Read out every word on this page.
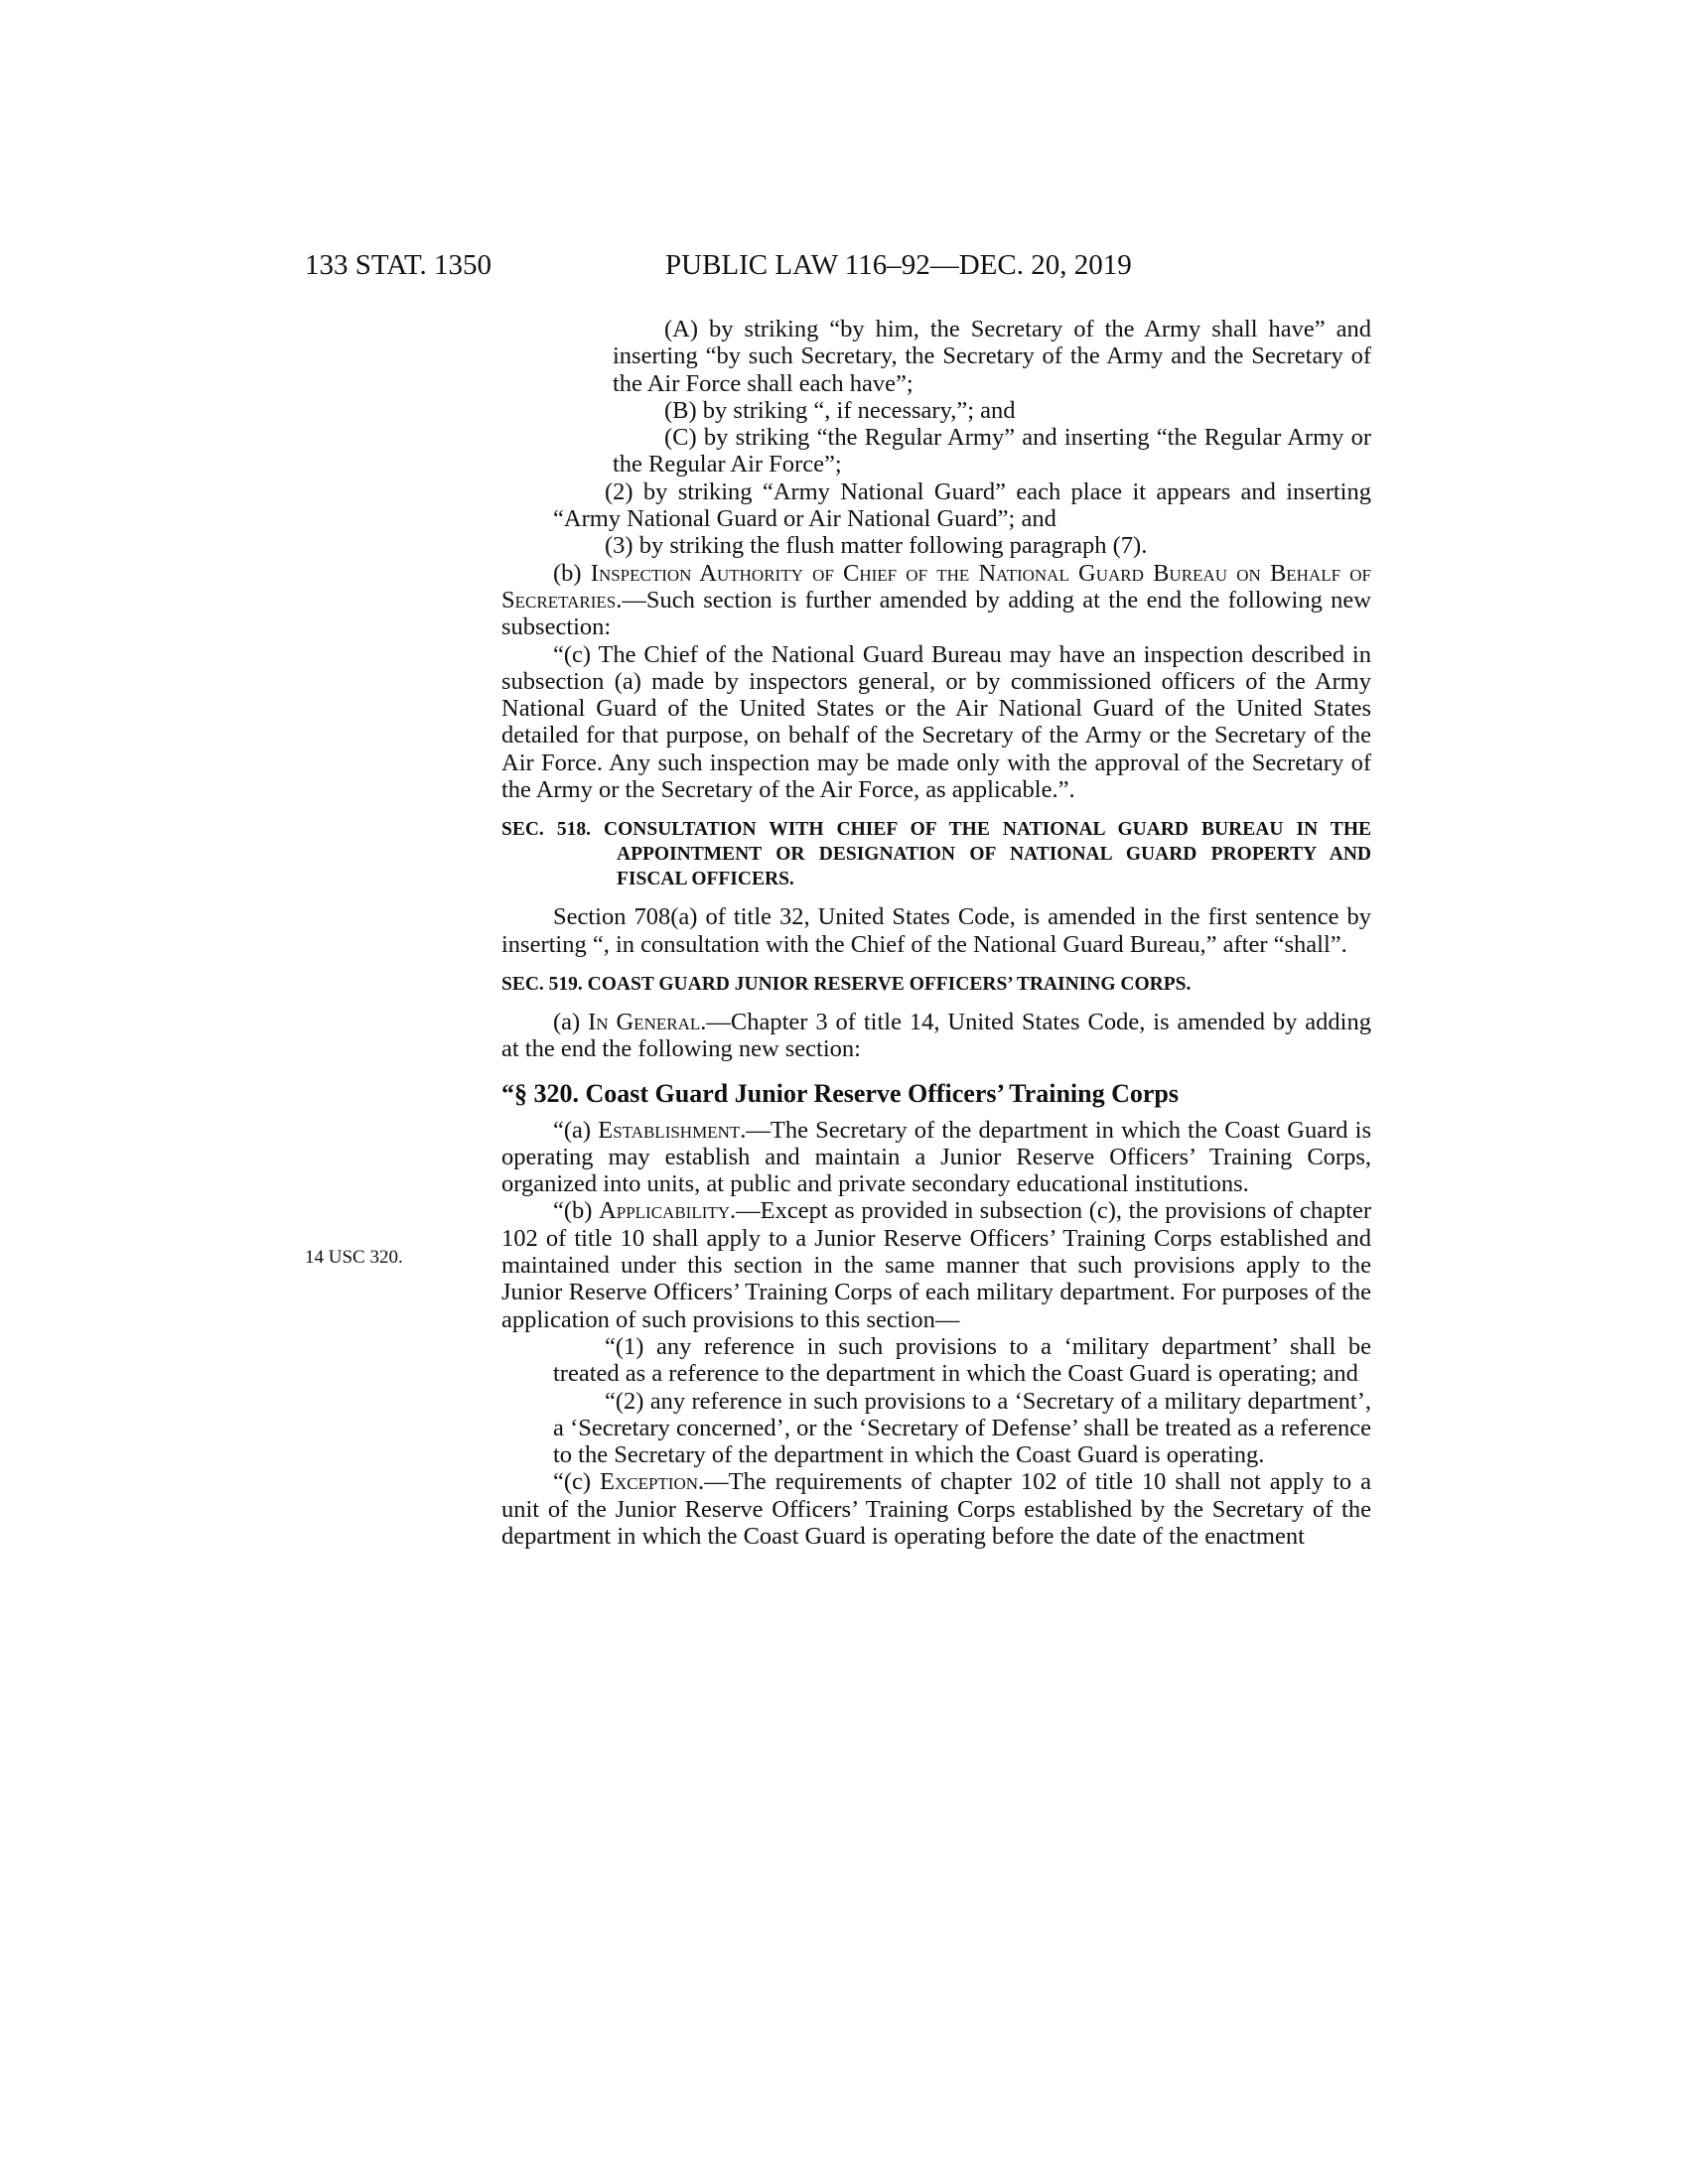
133 STAT. 1350	PUBLIC LAW 116–92—DEC. 20, 2019
14 USC 320.

(A) by striking “by him, the Secretary of the Army shall have” and inserting “by such Secretary, the Secretary of the Army and the Secretary of the Air Force shall each have”;

(B) by striking “, if necessary,”; and

(C) by striking “the Regular Army” and inserting “the Regular Army or the Regular Air Force”;

(2) by striking “Army National Guard” each place it appears and inserting “Army National Guard or Air National Guard”; and

(3) by striking the flush matter following paragraph (7).

(b) Inspection Authority of Chief of the National Guard Bureau on Behalf of Secretaries.—Such section is further amended by adding at the end the following new subsection:

“(c) The Chief of the National Guard Bureau may have an inspection described in subsection (a) made by inspectors general, or by commissioned officers of the Army National Guard of the United States or the Air National Guard of the United States detailed for that purpose, on behalf of the Secretary of the Army or the Secretary of the Air Force. Any such inspection may be made only with the approval of the Secretary of the Army or the Secretary of the Air Force, as applicable.”.

SEC. 518. CONSULTATION WITH CHIEF OF THE NATIONAL GUARD BUREAU IN THE APPOINTMENT OR DESIGNATION OF NATIONAL GUARD PROPERTY AND FISCAL OFFICERS.

Section 708(a) of title 32, United States Code, is amended in the first sentence by inserting “, in consultation with the Chief of the National Guard Bureau,” after “shall”.

SEC. 519. COAST GUARD JUNIOR RESERVE OFFICERS’ TRAINING CORPS.

(a) In General.—Chapter 3 of title 14, United States Code, is amended by adding at the end the following new section:

“§ 320. Coast Guard Junior Reserve Officers’ Training Corps

“(a) Establishment.—The Secretary of the department in which the Coast Guard is operating may establish and maintain a Junior Reserve Officers’ Training Corps, organized into units, at public and private secondary educational institutions.

“(b) Applicability.—Except as provided in subsection (c), the provisions of chapter 102 of title 10 shall apply to a Junior Reserve Officers’ Training Corps established and maintained under this section in the same manner that such provisions apply to the Junior Reserve Officers’ Training Corps of each military department. For purposes of the application of such provisions to this section—

“(1) any reference in such provisions to a ‘military department’ shall be treated as a reference to the department in which the Coast Guard is operating; and

“(2) any reference in such provisions to a ‘Secretary of a military department’, a ‘Secretary concerned’, or the ‘Secretary of Defense’ shall be treated as a reference to the Secretary of the department in which the Coast Guard is operating.

“(c) Exception.—The requirements of chapter 102 of title 10 shall not apply to a unit of the Junior Reserve Officers’ Training Corps established by the Secretary of the department in which the Coast Guard is operating before the date of the enactment
